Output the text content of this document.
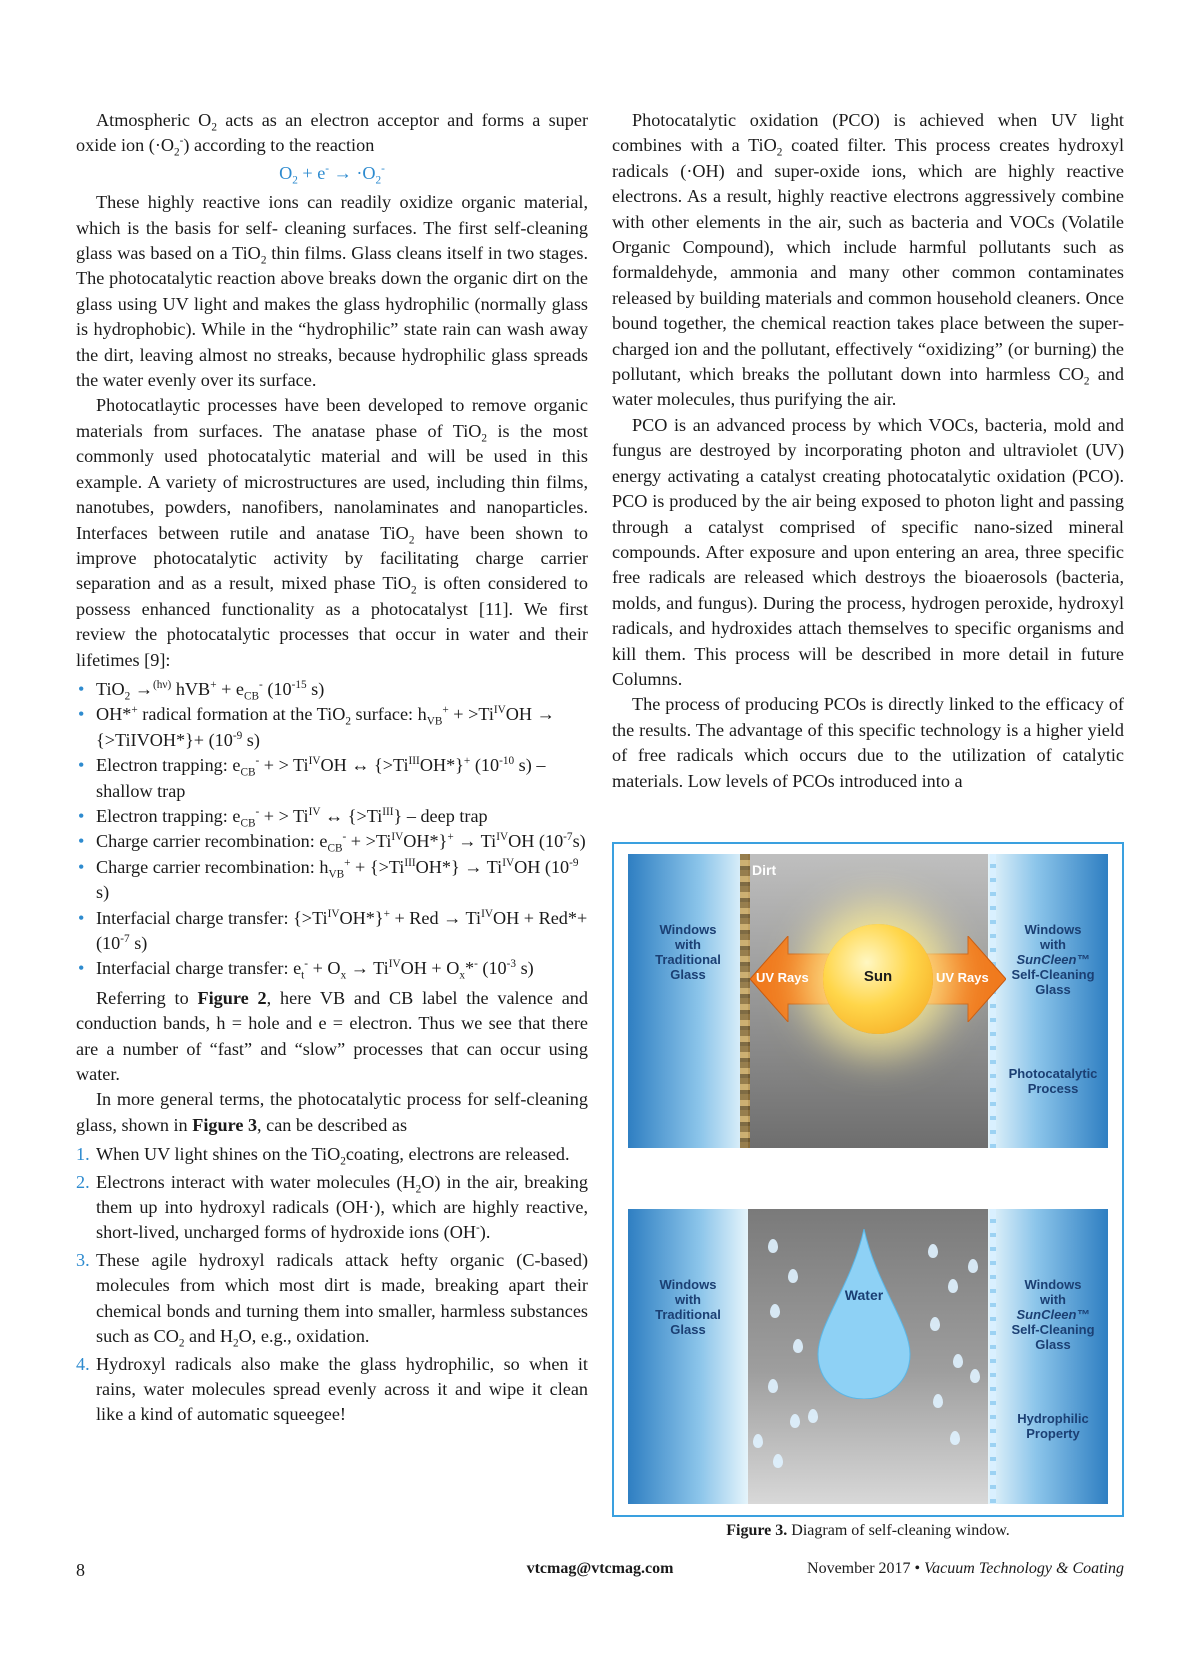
Atmospheric $O_2$ acts as an electron acceptor and forms a super oxide ion $(\cdot O_2^-)$ according to the reaction

$O_2 + e^- \to \cdot O_2^-$

These highly reactive ions can readily oxidize organic material, which is the basis for self- cleaning surfaces. The first self-cleaning glass was based on a TiO$_2$ thin films. Glass cleans itself in two stages. The photocatalytic reaction above breaks down the organic dirt on the glass using UV light and makes the glass hydrophilic (normally glass is hydrophobic). While in the “hydrophilic” state rain can wash away the dirt, leaving almost no streaks, because hydrophilic glass spreads the water evenly over its surface.

Photocatlaytic processes have been developed to remove organic materials from surfaces. The anatase phase of TiO$_2$ is the most commonly used photocatalytic material and will be used in this example. A variety of microstructures are used, including thin films, nanotubes, powders, nanofibers, nanolaminates and nanoparticles. Interfaces between rutile and anatase TiO$_2$ have been shown to improve photocatalytic activity by facilitating charge carrier separation and as a result, mixed phase TiO$_2$ is often considered to possess enhanced functionality as a photocatalyst [11]. We first review the photocatalytic processes that occur in water and their lifetimes [9]:

• TiO$_2$ →$^{(h\nu)}$ $hVB^+ + e_{CB}^-$ ($10^{-15}$ s)
• OH*+ radical formation at the TiO$_2$ surface: $h_{VB}^+ + >Ti^{IV}OH$ → {>TiIVOH*}+ ($10^{-9}$ s)
• Electron trapping: $e_{CB}^-$ + > $Ti^{IV}OH$ ↔ $\{>Ti^{III}OH*\}^+$ ($10^{-10}$ s) – shallow trap
• Electron trapping: $e_{CB}^-$ + > $Ti^{IV}$ ↔ $\{>Ti^{III}\}$ – deep trap
• Charge carrier recombination: $e_{CB}^- + >Ti^{IV}OH*\}^+ \to Ti^{IV}OH$ $(10^{-7}s)$
• Charge carrier recombination: $h_{VB}^+ + \{>Ti^{III}OH*\} \to Ti^{IV}OH$ ($10^{-9}$ s)
• Interfacial charge transfer: $\{>Ti^{IV}OH*\}^+$ + Red → $Ti^{IV}OH + Red*+ (10^{-7}$ s)
• Interfacial charge transfer: $e_t^- + O_x \to Ti^{IV}OH + O_x*^-$ ($10^{-3}$ s)

Referring to Figure 2, here VB and CB label the valence and conduction bands, h = hole and e = electron. Thus we see that there are a number of “fast” and “slow” processes that can occur using water.

In more general terms, the photocatalytic process for self-cleaning glass, shown in Figure 3, can be described as

1. When UV light shines on the TiO$_2$coating, electrons are released.
2. Electrons interact with water molecules $(H_2O)$ in the air, breaking them up into hydroxyl radicals (OH·), which are highly reactive, short-lived, uncharged forms of hydroxide ions (OH-).
3. These agile hydroxyl radicals attack hefty organic (C-based) molecules from which most dirt is made, breaking apart their chemical bonds and turning them into smaller, harmless substances such as $CO_2$ and $H_2O$, e.g., oxidation.
4. Hydroxyl radicals also make the glass hydrophilic, so when it rains, water molecules spread evenly across it and wipe it clean like a kind of automatic squeegee!

Photocatalytic oxidation (PCO) is achieved when UV light combines with a TiO$_2$ coated filter. This process creates hydroxyl radicals (·OH) and super-oxide ions, which are highly reactive electrons. As a result, highly reactive electrons aggressively combine with other elements in the air, such as bacteria and VOCs (Volatile Organic Compound), which include harmful pollutants such as formaldehyde, ammonia and many other common contaminates released by building materials and common household cleaners. Once bound together, the chemical reaction takes place between the super-charged ion and the pollutant, effectively “oxidizing” (or burning) the pollutant, which breaks the pollutant down into harmless $CO_2$ and water molecules, thus purifying the air.

PCO is an advanced process by which VOCs, bacteria, mold and fungus are destroyed by incorporating photon and ultraviolet (UV) energy activating a catalyst creating photocatalytic oxidation (PCO). PCO is produced by the air being exposed to photon light and passing through a catalyst comprised of specific nano-sized mineral compounds. After exposure and upon entering an area, three specific free radicals are released which destroys the bioaerosols (bacteria, molds, and fungus). During the process, hydrogen peroxide, hydroxyl radicals, and hydroxides attach themselves to specific organisms and kill them. This process will be described in more detail in future Columns.

The process of producing PCOs is directly linked to the efficacy of the results. The advantage of this specific technology is a higher yield of free radicals which occurs due to the utilization of catalytic materials. Low levels of PCOs introduced into a

Dirt
Windows
with
Traditional
Glass
Windows
with
SunCleen™
Self-Cleaning
Glass
Photocatalytic
Process
UV Rays	Sun	UV Rays
Water
Windows
with
Traditional
Glass
Windows
with
SunCleen™
Self-Cleaning
Glass
Hydrophilic
Property
Figure 3. Diagram of self-cleaning window.
8	vtcmag@vtcmag.com	November 2017 • Vacuum Technology & Coating
